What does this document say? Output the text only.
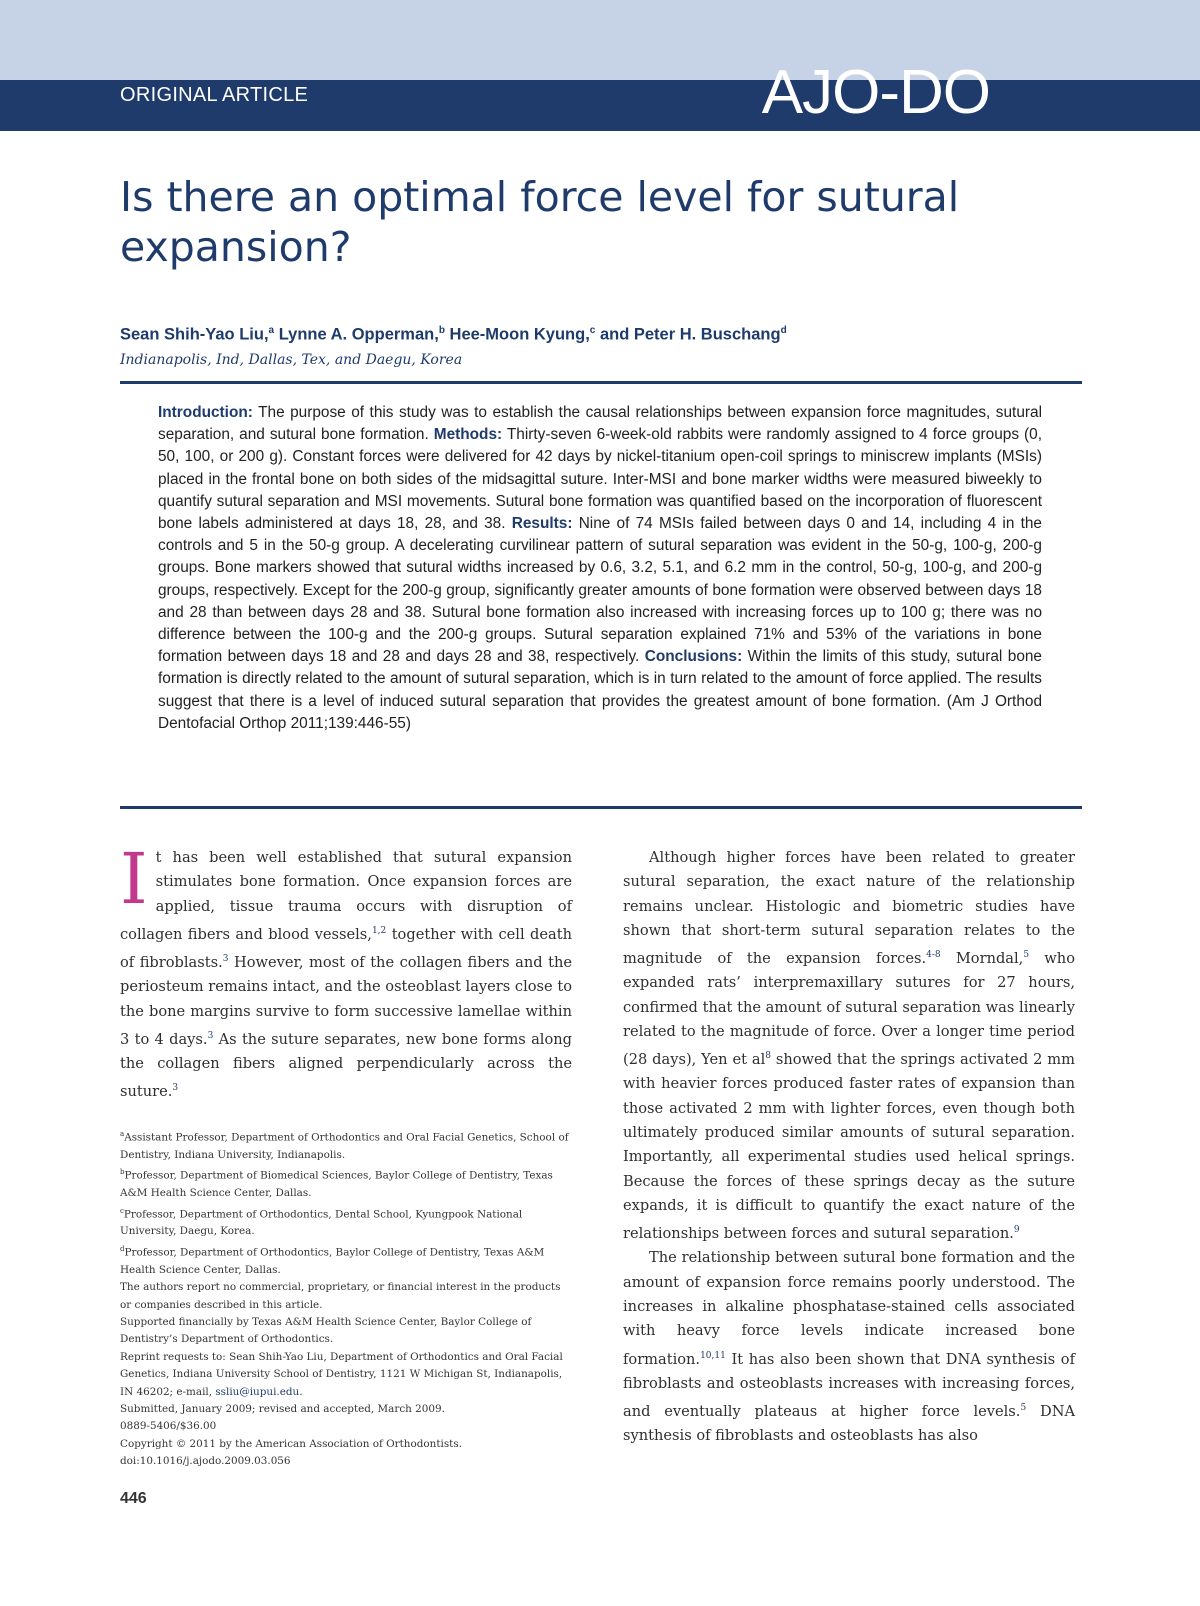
ORIGINAL ARTICLE	AJO-DO
Is there an optimal force level for sutural expansion?
Sean Shih-Yao Liu,$^a$ Lynne A. Opperman,$^b$ Hee-Moon Kyung,$^c$ and Peter H. Buschang$^d$
Indianapolis, Ind, Dallas, Tex, and Daegu, Korea

Introduction: The purpose of this study was to establish the causal relationships between expansion force magnitudes, sutural separation, and sutural bone formation. Methods: Thirty-seven 6-week-old rabbits were randomly assigned to 4 force groups (0, 50, 100, or 200 g). Constant forces were delivered for 42 days by nickel-titanium open-coil springs to miniscrew implants (MSIs) placed in the frontal bone on both sides of the midsagittal suture. Inter-MSI and bone marker widths were measured biweekly to quantify sutural separation and MSI movements. Sutural bone formation was quantified based on the incorporation of fluorescent bone labels administered at days 18, 28, and 38. Results: Nine of 74 MSIs failed between days 0 and 14, including 4 in the controls and 5 in the 50-g group. A decelerating curvilinear pattern of sutural separation was evident in the 50-g, 100-g, 200-g groups. Bone markers showed that sutural widths increased by 0.6, 3.2, 5.1, and 6.2 mm in the control, 50-g, 100-g, and 200-g groups, respectively. Except for the 200-g group, significantly greater amounts of bone formation were observed between days 18 and 28 than between days 28 and 38. Sutural bone formation also increased with increasing forces up to 100 g; there was no difference between the 100-g and the 200-g groups. Sutural separation explained 71% and 53% of the variations in bone formation between days 18 and 28 and days 28 and 38, respectively. Conclusions: Within the limits of this study, sutural bone formation is directly related to the amount of sutural separation, which is in turn related to the amount of force applied. The results suggest that there is a level of induced sutural separation that provides the greatest amount of bone formation. (Am J Orthod Dentofacial Orthop 2011;139:446-55)

It has been well established that sutural expansion stimulates bone formation. Once expansion forces are applied, tissue trauma occurs with disruption of collagen fibers and blood vessels,$^{1,2}$ together with cell death of fibroblasts.$^3$ However, most of the collagen fibers and the periosteum remains intact, and the osteoblast layers close to the bone margins survive to form successive lamellae within 3 to 4 days.$^3$ As the suture separates, new bone forms along the collagen fibers aligned perpendicularly across the suture.$^3$

$^a$Assistant Professor, Department of Orthodontics and Oral Facial Genetics, School of Dentistry, Indiana University, Indianapolis.

$^b$Professor, Department of Biomedical Sciences, Baylor College of Dentistry, Texas A&M Health Science Center, Dallas.

$^c$Professor, Department of Orthodontics, Dental School, Kyungpook National University, Daegu, Korea.

$^d$Professor, Department of Orthodontics, Baylor College of Dentistry, Texas A&M Health Science Center, Dallas.

The authors report no commercial, proprietary, or financial interest in the products or companies described in this article.

Supported financially by Texas A&M Health Science Center, Baylor College of Dentistry’s Department of Orthodontics.

Reprint requests to: Sean Shih-Yao Liu, Department of Orthodontics and Oral Facial Genetics, Indiana University School of Dentistry, 1121 W Michigan St, Indianapolis, IN 46202; e-mail, ssliu@iupui.edu.

Submitted, January 2009; revised and accepted, March 2009.

0889-5406/$36.00

Copyright © 2011 by the American Association of Orthodontists.

doi:10.1016/j.ajodo.2009.03.056

Although higher forces have been related to greater sutural separation, the exact nature of the relationship remains unclear. Histologic and biometric studies have shown that short-term sutural separation relates to the magnitude of the expansion forces.$^{4-8}$ Morndal,$^5$ who expanded rats’ interpremaxillary sutures for 27 hours, confirmed that the amount of sutural separation was linearly related to the magnitude of force. Over a longer time period (28 days), Yen et $al^8$ showed that the springs activated 2 mm with heavier forces produced faster rates of expansion than those activated 2 mm with lighter forces, even though both ultimately produced similar amounts of sutural separation. Importantly, all experimental studies used helical springs. Because the forces of these springs decay as the suture expands, it is difficult to quantify the exact nature of the relationships between forces and sutural separation.$^9$

The relationship between sutural bone formation and the amount of expansion force remains poorly understood. The increases in alkaline phosphatase-stained cells associated with heavy force levels indicate increased bone formation.$^{10,11}$ It has also been shown that DNA synthesis of fibroblasts and osteoblasts increases with increasing forces, and eventually plateaus at higher force levels.$^5$ DNA synthesis of fibroblasts and osteoblasts has also

446
